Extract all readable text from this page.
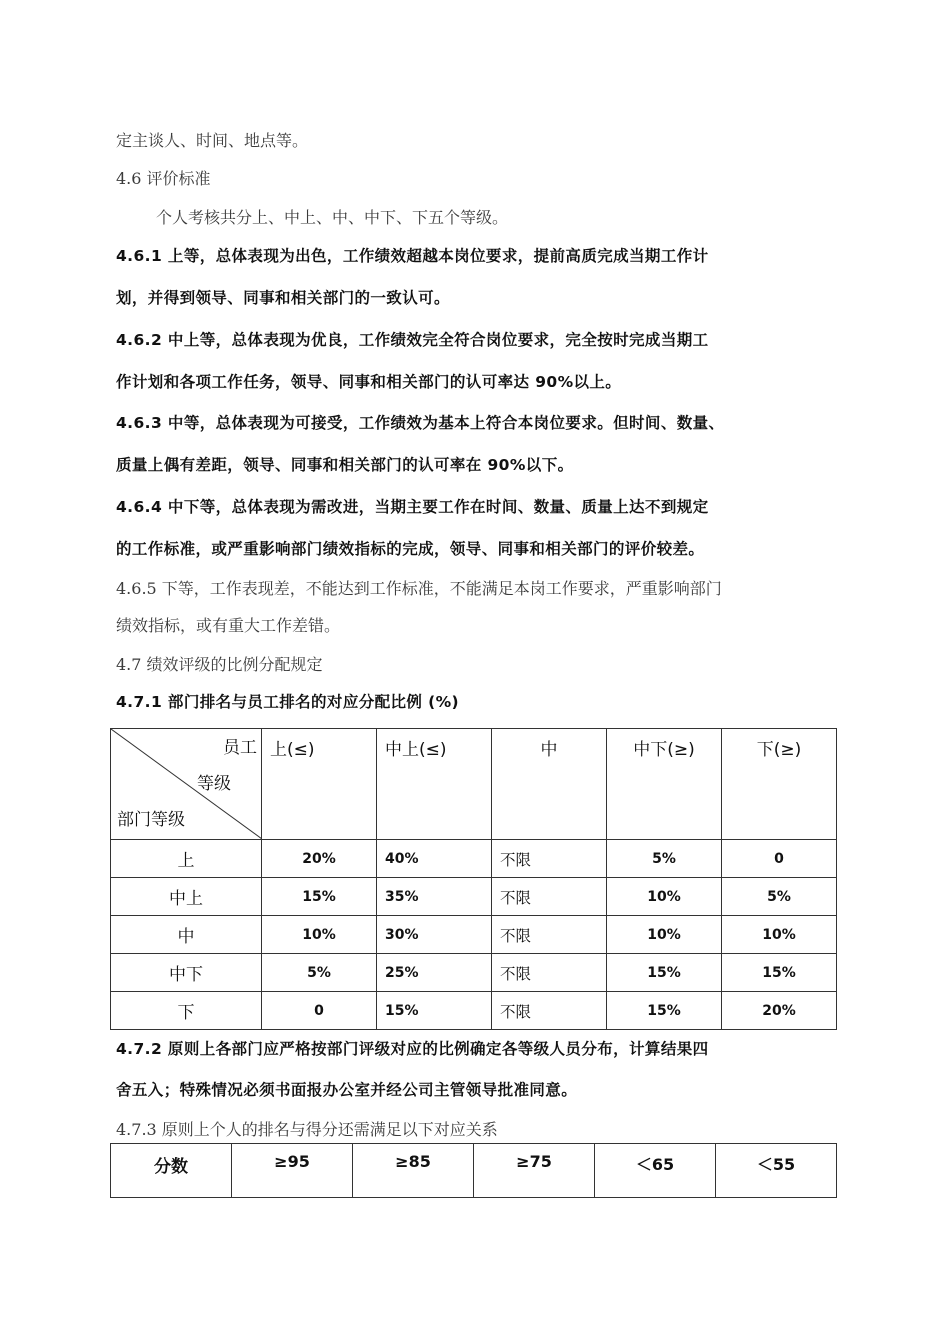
定主谈人、时间、地点等。
4.6 评价标准
个人考核共分上、中上、中、中下、下五个等级。
4.6.1 上等，总体表现为出色，工作绩效超越本岗位要求，提前高质完成当期工作计
划，并得到领导、同事和相关部门的一致认可。
4.6.2 中上等，总体表现为优良，工作绩效完全符合岗位要求，完全按时完成当期工
作计划和各项工作任务，领导、同事和相关部门的认可率达 90%以上。
4.6.3 中等，总体表现为可接受，工作绩效为基本上符合本岗位要求。但时间、数量、
质量上偶有差距，领导、同事和相关部门的认可率在 90%以下。
4.6.4 中下等，总体表现为需改进，当期主要工作在时间、数量、质量上达不到规定
的工作标准，或严重影响部门绩效指标的完成，领导、同事和相关部门的评价较差。
4.6.5 下等，工作表现差，不能达到工作标准，不能满足本岗工作要求，严重影响部门
绩效指标，或有重大工作差错。
4.7 绩效评级的比例分配规定
4.7.1 部门排名与员工排名的对应分配比例 (%)
员工
等级
部门等级	上(≤)	中上(≤)	中	中下(≥)	下(≥)
上	20%	40%	不限	5%	0
中上	15%	35%	不限	10%	5%
中	10%	30%	不限	10%	10%
中下	5%	25%	不限	15%	15%
下	0	15%	不限	15%	20%
4.7.2 原则上各部门应严格按部门评级对应的比例确定各等级人员分布，计算结果四
舍五入；特殊情况必须书面报办公室并经公司主管领导批准同意。
4.7.3 原则上个人的排名与得分还需满足以下对应关系
分数	≥95	≥85	≥75	＜65	＜55
